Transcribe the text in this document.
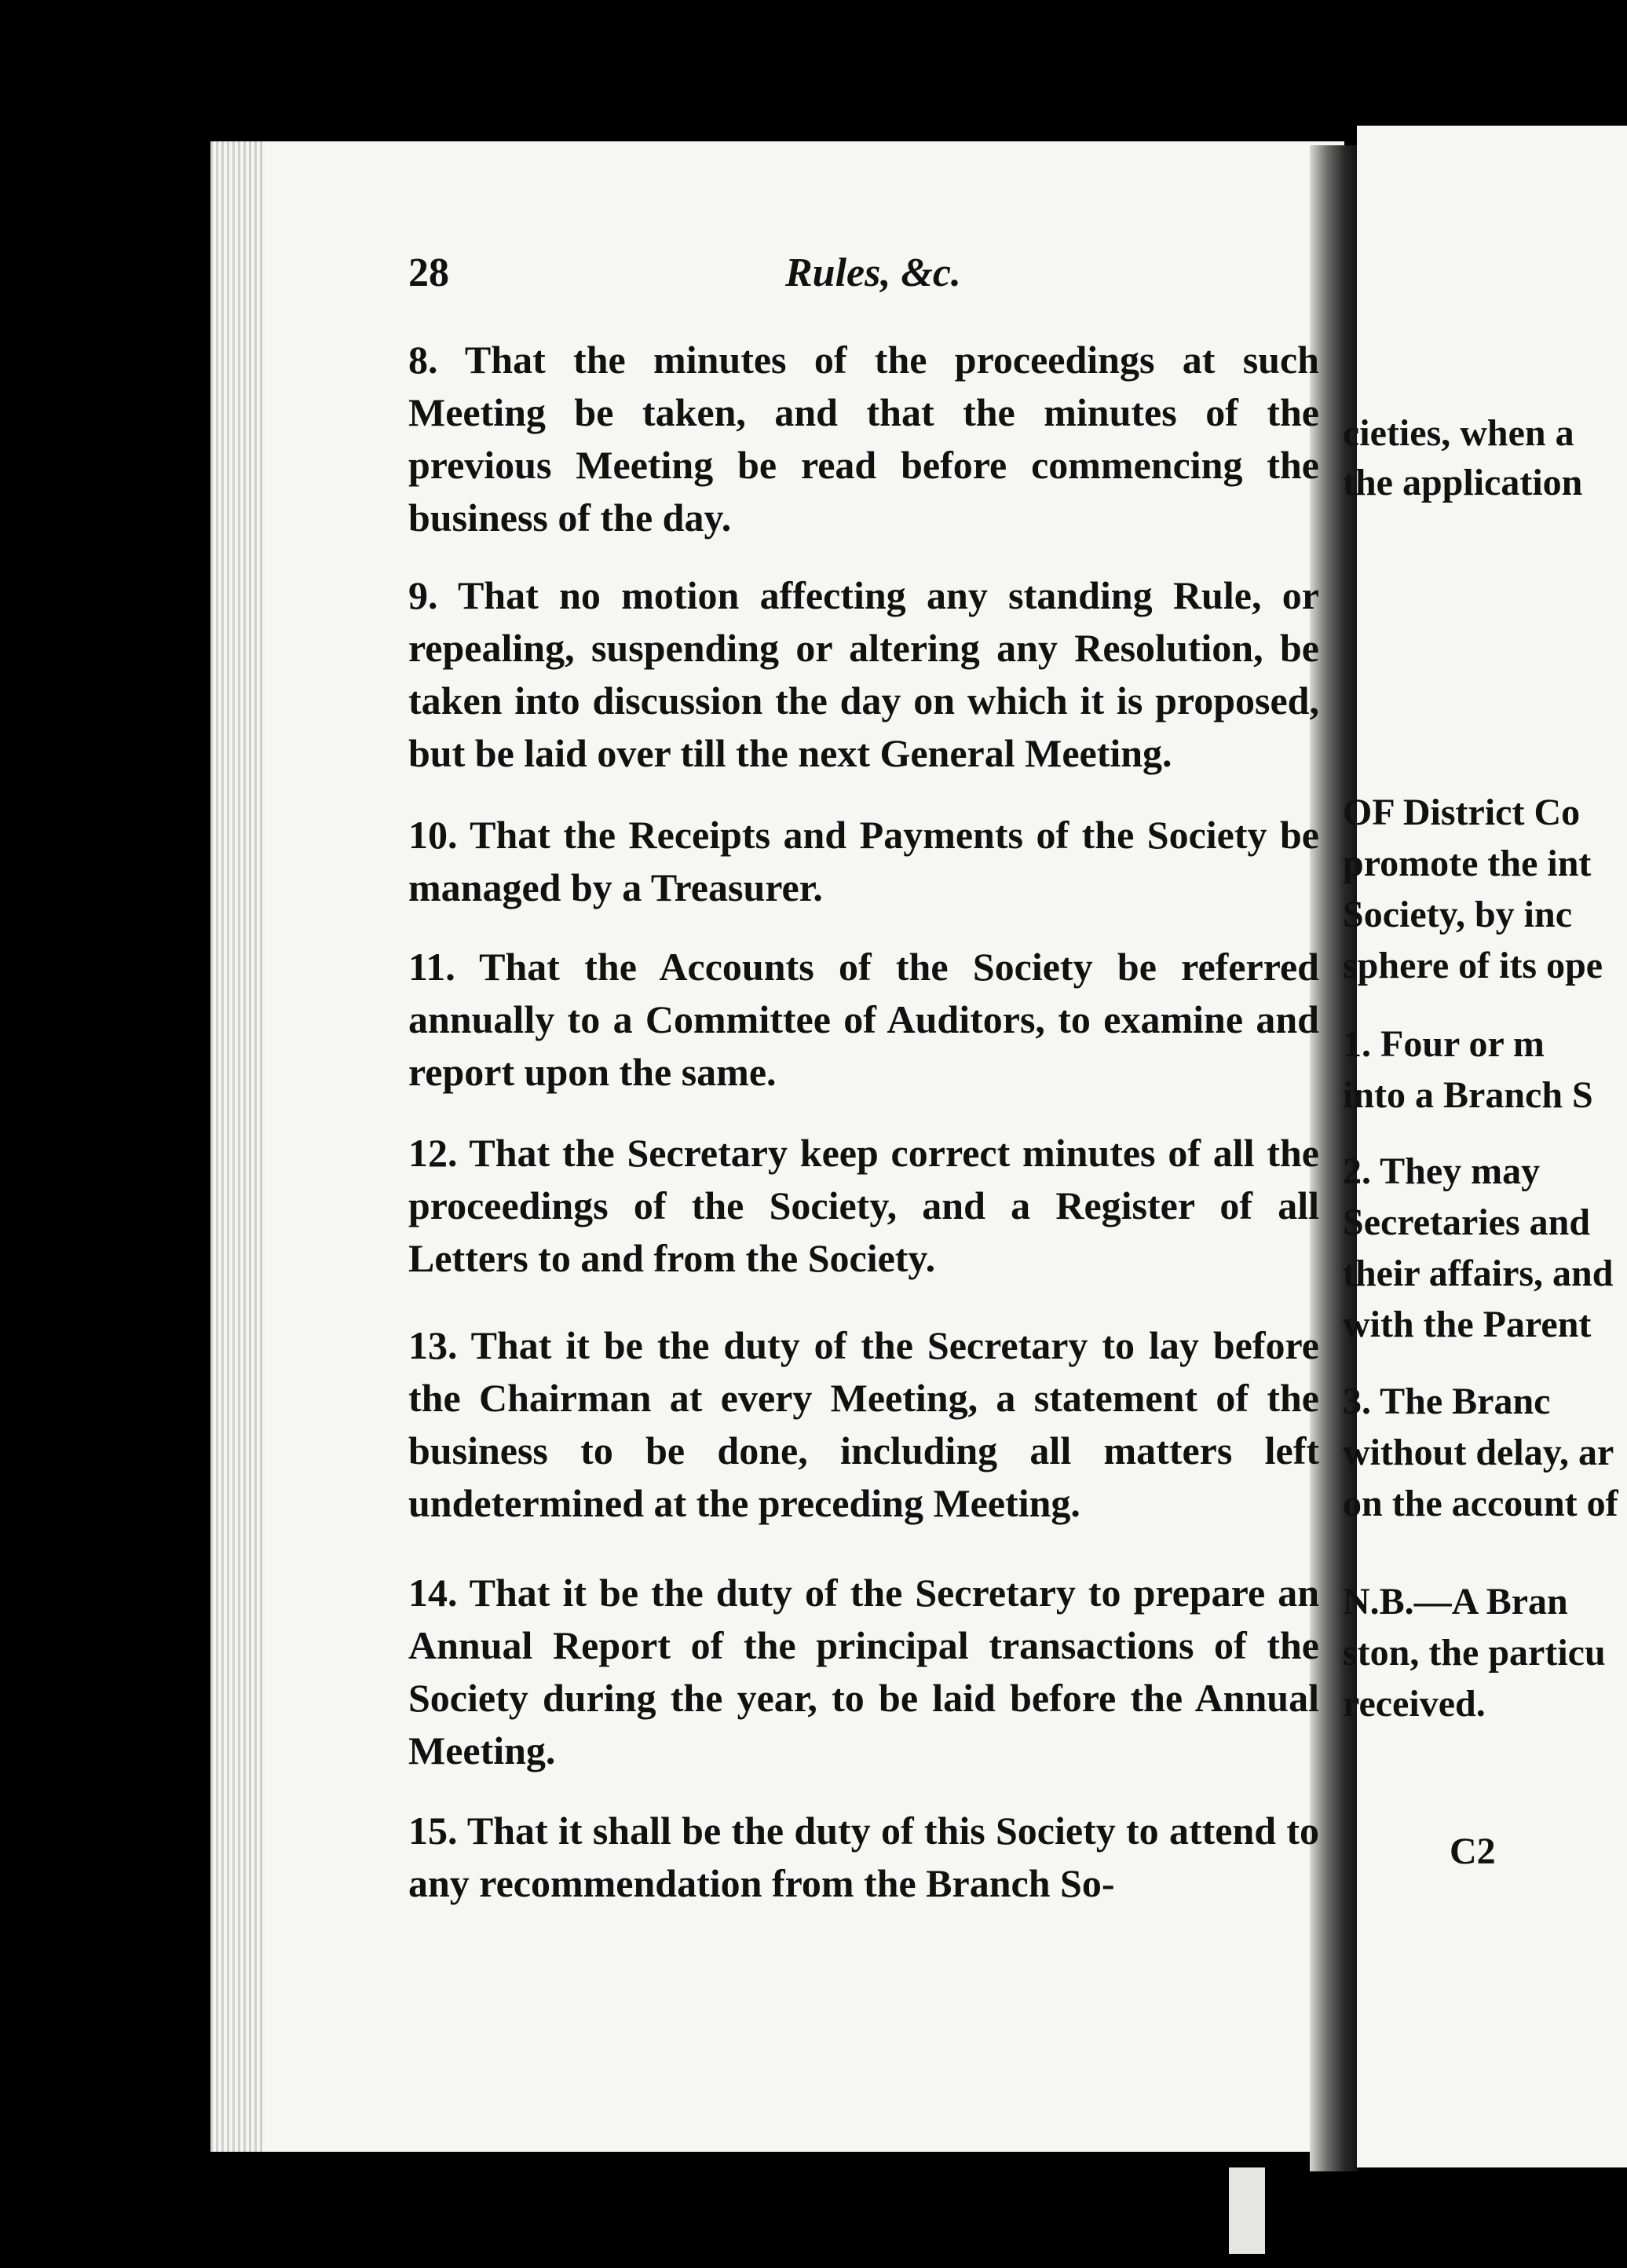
28	Rules, &c.

8. That the minutes of the proceedings at such Meeting be taken, and that the minutes of the previous Meeting be read before commencing the business of the day.

9. That no motion affecting any standing Rule, or repealing, suspending or altering any Resolution, be taken into discussion the day on which it is proposed, but be laid over till the next General Meeting.

10. That the Receipts and Payments of the Society be managed by a Treasurer.

11. That the Accounts of the Society be referred annually to a Committee of Auditors, to examine and report upon the same.

12. That the Secretary keep correct minutes of all the proceedings of the Society, and a Register of all Letters to and from the Society.

13. That it be the duty of the Secretary to lay before the Chairman at every Meeting, a statement of the business to be done, including all matters left undetermined at the preceding Meeting.

14. That it be the duty of the Secretary to prepare an Annual Report of the principal transactions of the Society during the year, to be laid before the Annual Meeting.

15. That it shall be the duty of this Society to attend to any recommendation from the Branch So-

cieties, when a
the application
OF District Co
promote the int
Society, by inc
sphere of its ope
1. Four or m
into a Branch S
2. They may
Secretaries and
their affairs, and
with the Parent
3. The Branc
without delay, ar
on the account of
N.B.—A Bran
ston, the particu
received.
C2
